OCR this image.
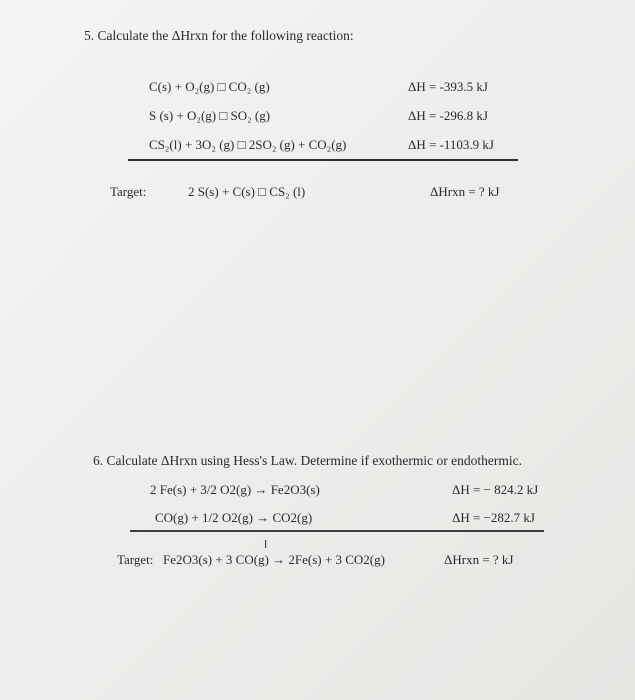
5. Calculate the ΔHrxn for the following reaction:
C(s) + O₂(g) □ CO₂ (g)	ΔH = -393.5 kJ
S (s) + O₂(g) □ SO₂ (g)	ΔH = -296.8 kJ
CS₂(l) + 3O₂ (g) □ 2SO₂ (g) + CO₂(g)	ΔH = -1103.9 kJ
Target:	2 S(s) + C(s) □ CS₂ (l)	ΔHrxn = ? kJ
6. Calculate ΔHrxn using Hess's Law. Determine if exothermic or endothermic.
2 Fe(s) + 3/2 O2(g) → Fe2O3(s)	ΔH = − 824.2 kJ
CO(g) + 1/2 O2(g) → CO2(g)	ΔH = −282.7 kJ
I
Target: Fe2O3(s) + 3 CO(g) → 2Fe(s) + 3 CO2(g)	ΔHrxn = ? kJ
